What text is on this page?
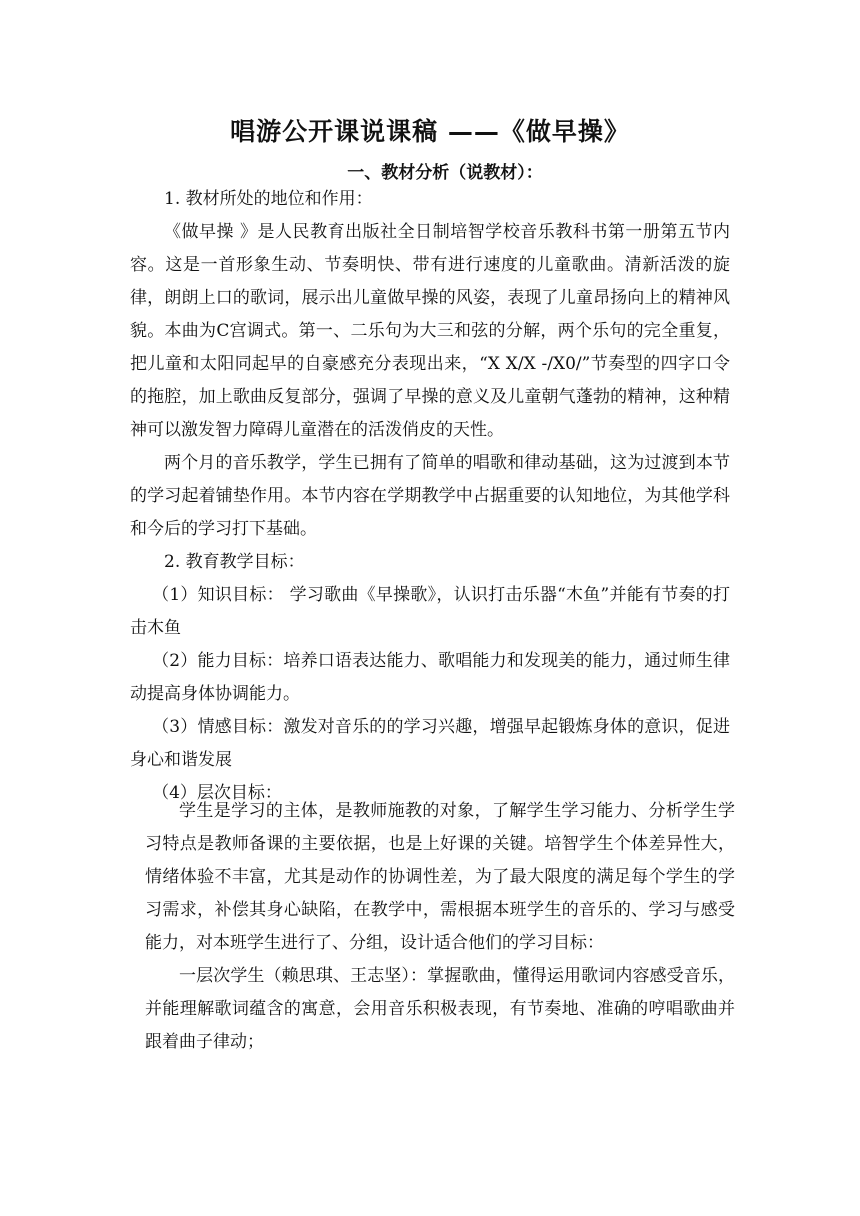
唱游公开课说课稿 ——《做早操》
一、教材分析（说教材）：

1. 教材所处的地位和作用：

《做早操 》是人民教育出版社全日制培智学校音乐教科书第一册第五节内容。这是一首形象生动、节奏明快、带有进行速度的儿童歌曲。清新活泼的旋律，朗朗上口的歌词，展示出儿童做早操的风姿，表现了儿童昂扬向上的精神风貌。本曲为C宫调式。第一、二乐句为大三和弦的分解，两个乐句的完全重复，把儿童和太阳同起早的自豪感充分表现出来，“X X/X -/X0/”节奏型的四字口令的拖腔，加上歌曲反复部分，强调了早操的意义及儿童朝气蓬勃的精神，这种精神可以激发智力障碍儿童潜在的活泼俏皮的天性。

两个月的音乐教学，学生已拥有了简单的唱歌和律动基础，这为过渡到本节的学习起着铺垫作用。本节内容在学期教学中占据重要的认知地位，为其他学科和今后的学习打下基础。

2. 教育教学目标：

（1）知识目标： 学习歌曲《早操歌》，认识打击乐器“木鱼”并能有节奏的打击木鱼

（2）能力目标：培养口语表达能力、歌唱能力和发现美的能力，通过师生律动提高身体协调能力。

（3）情感目标：激发对音乐的的学习兴趣，增强早起锻炼身体的意识，促进身心和谐发展

（4）层次目标：

学生是学习的主体，是教师施教的对象，了解学生学习能力、分析学生学习特点是教师备课的主要依据，也是上好课的关键。培智学生个体差异性大，情绪体验不丰富，尤其是动作的协调性差，为了最大限度的满足每个学生的学习需求，补偿其身心缺陷，在教学中，需根据本班学生的音乐的、学习与感受能力，对本班学生进行了、分组，设计适合他们的学习目标：

一层次学生（赖思琪、王志坚）：掌握歌曲，懂得运用歌词内容感受音乐，并能理解歌词蕴含的寓意，会用音乐积极表现，有节奏地、准确的哼唱歌曲并跟着曲子律动；
